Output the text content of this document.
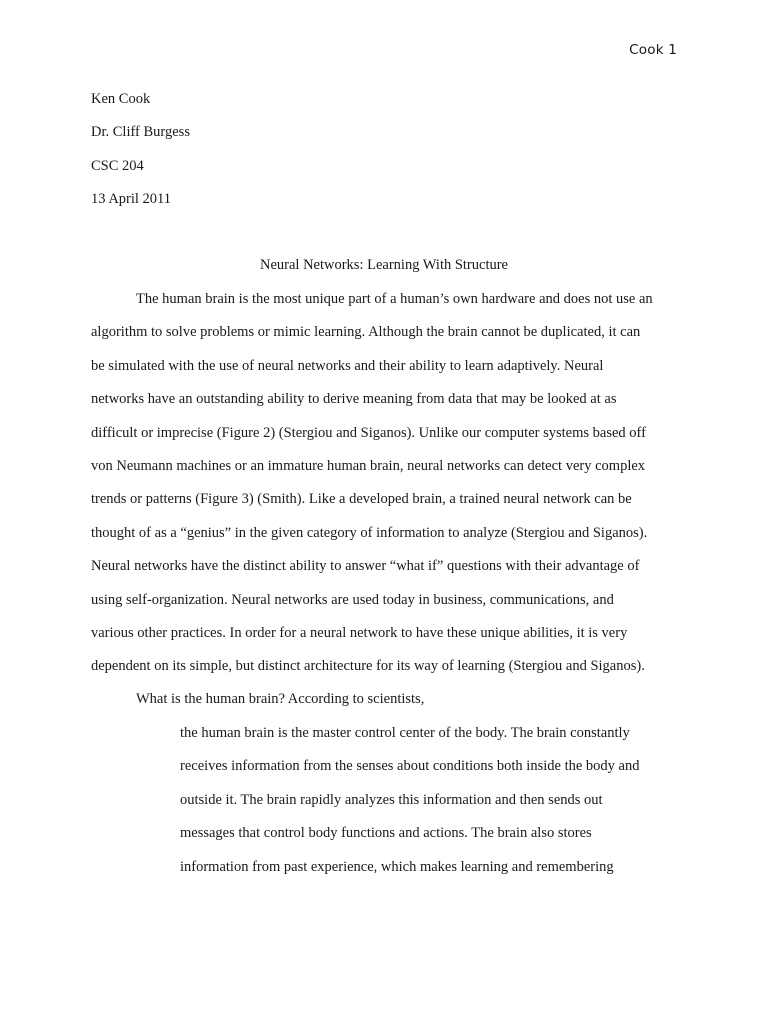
Cook 1
Ken Cook
Dr. Cliff Burgess
CSC 204
13 April 2011
Neural Networks: Learning With Structure
The human brain is the most unique part of a human’s own hardware and does not use an
algorithm to solve problems or mimic learning. Although the brain cannot be duplicated, it can
be simulated with the use of neural networks and their ability to learn adaptively. Neural
networks have an outstanding ability to derive meaning from data that may be looked at as
difficult or imprecise (Figure 2) (Stergiou and Siganos). Unlike our computer systems based off
von Neumann machines or an immature human brain, neural networks can detect very complex
trends or patterns (Figure 3) (Smith). Like a developed brain, a trained neural network can be
thought of as a “genius” in the given category of information to analyze (Stergiou and Siganos).
Neural networks have the distinct ability to answer “what if” questions with their advantage of
using self-organization. Neural networks are used today in business, communications, and
various other practices. In order for a neural network to have these unique abilities, it is very
dependent on its simple, but distinct architecture for its way of learning (Stergiou and Siganos).
What is the human brain? According to scientists,
the human brain is the master control center of the body. The brain constantly
receives information from the senses about conditions both inside the body and
outside it. The brain rapidly analyzes this information and then sends out
messages that control body functions and actions. The brain also stores
information from past experience, which makes learning and remembering
